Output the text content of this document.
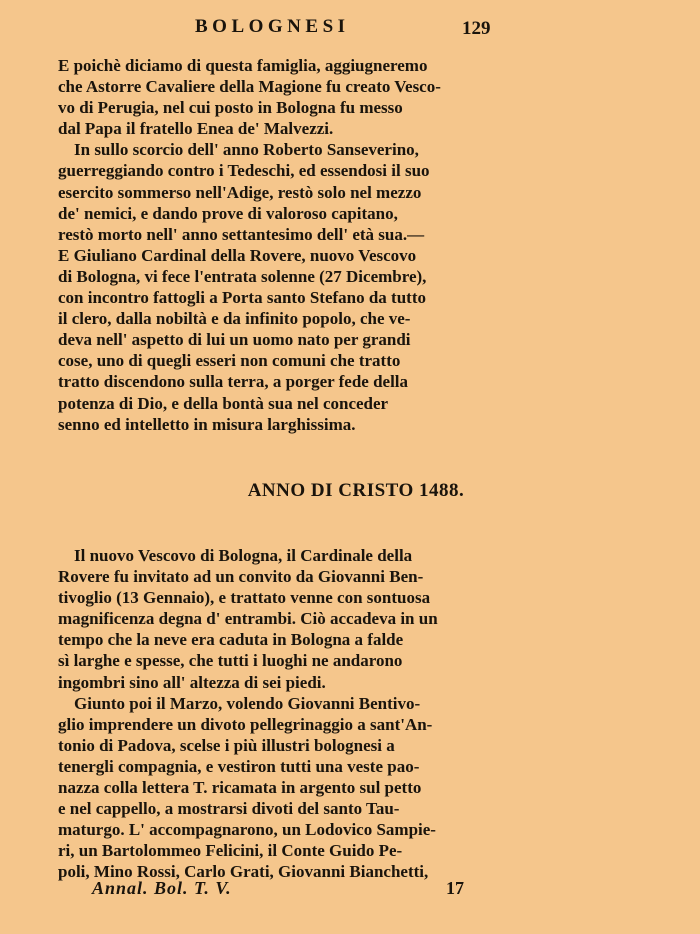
BOLOGNESI	129
E poichè diciamo di questa famiglia, aggiugneremo
che Astorre Cavaliere della Magione fu creato Vesco-
vo di Perugia, nel cui posto in Bologna fu messo
dal Papa il fratello Enea de' Malvezzi.
In sullo scorcio dell' anno Roberto Sanseverino,
guerreggiando contro i Tedeschi, ed essendosi il suo
esercito sommerso nell'Adige, restò solo nel mezzo
de' nemici, e dando prove di valoroso capitano,
restò morto nell' anno settantesimo dell' età sua.—
E Giuliano Cardinal della Rovere, nuovo Vescovo
di Bologna, vi fece l'entrata solenne (27 Dicembre),
con incontro fattogli a Porta santo Stefano da tutto
il clero, dalla nobiltà e da infinito popolo, che ve-
deva nell' aspetto di lui un uomo nato per grandi
cose, uno di quegli esseri non comuni che tratto
tratto discendono sulla terra, a porger fede della
potenza di Dio, e della bontà sua nel conceder
senno ed intelletto in misura larghissima.
ANNO DI CRISTO 1488.
Il nuovo Vescovo di Bologna, il Cardinale della
Rovere fu invitato ad un convito da Giovanni Ben-
tivoglio (13 Gennaio), e trattato venne con sontuosa
magnificenza degna d' entrambi. Ciò accadeva in un
tempo che la neve era caduta in Bologna a falde
sì larghe e spesse, che tutti i luoghi ne andarono
ingombri sino all' altezza di sei piedi.
Giunto poi il Marzo, volendo Giovanni Bentivo-
glio imprendere un divoto pellegrinaggio a sant'An-
tonio di Padova, scelse i più illustri bolognesi a
tenergli compagnia, e vestiron tutti una veste pao-
nazza colla lettera T. ricamata in argento sul petto
e nel cappello, a mostrarsi divoti del santo Tau-
maturgo. L' accompagnarono, un Lodovico Sampie-
ri, un Bartolommeo Felicini, il Conte Guido Pe-
poli, Mino Rossi, Carlo Grati, Giovanni Bianchetti,
Annal. Bol. T. V.	17
